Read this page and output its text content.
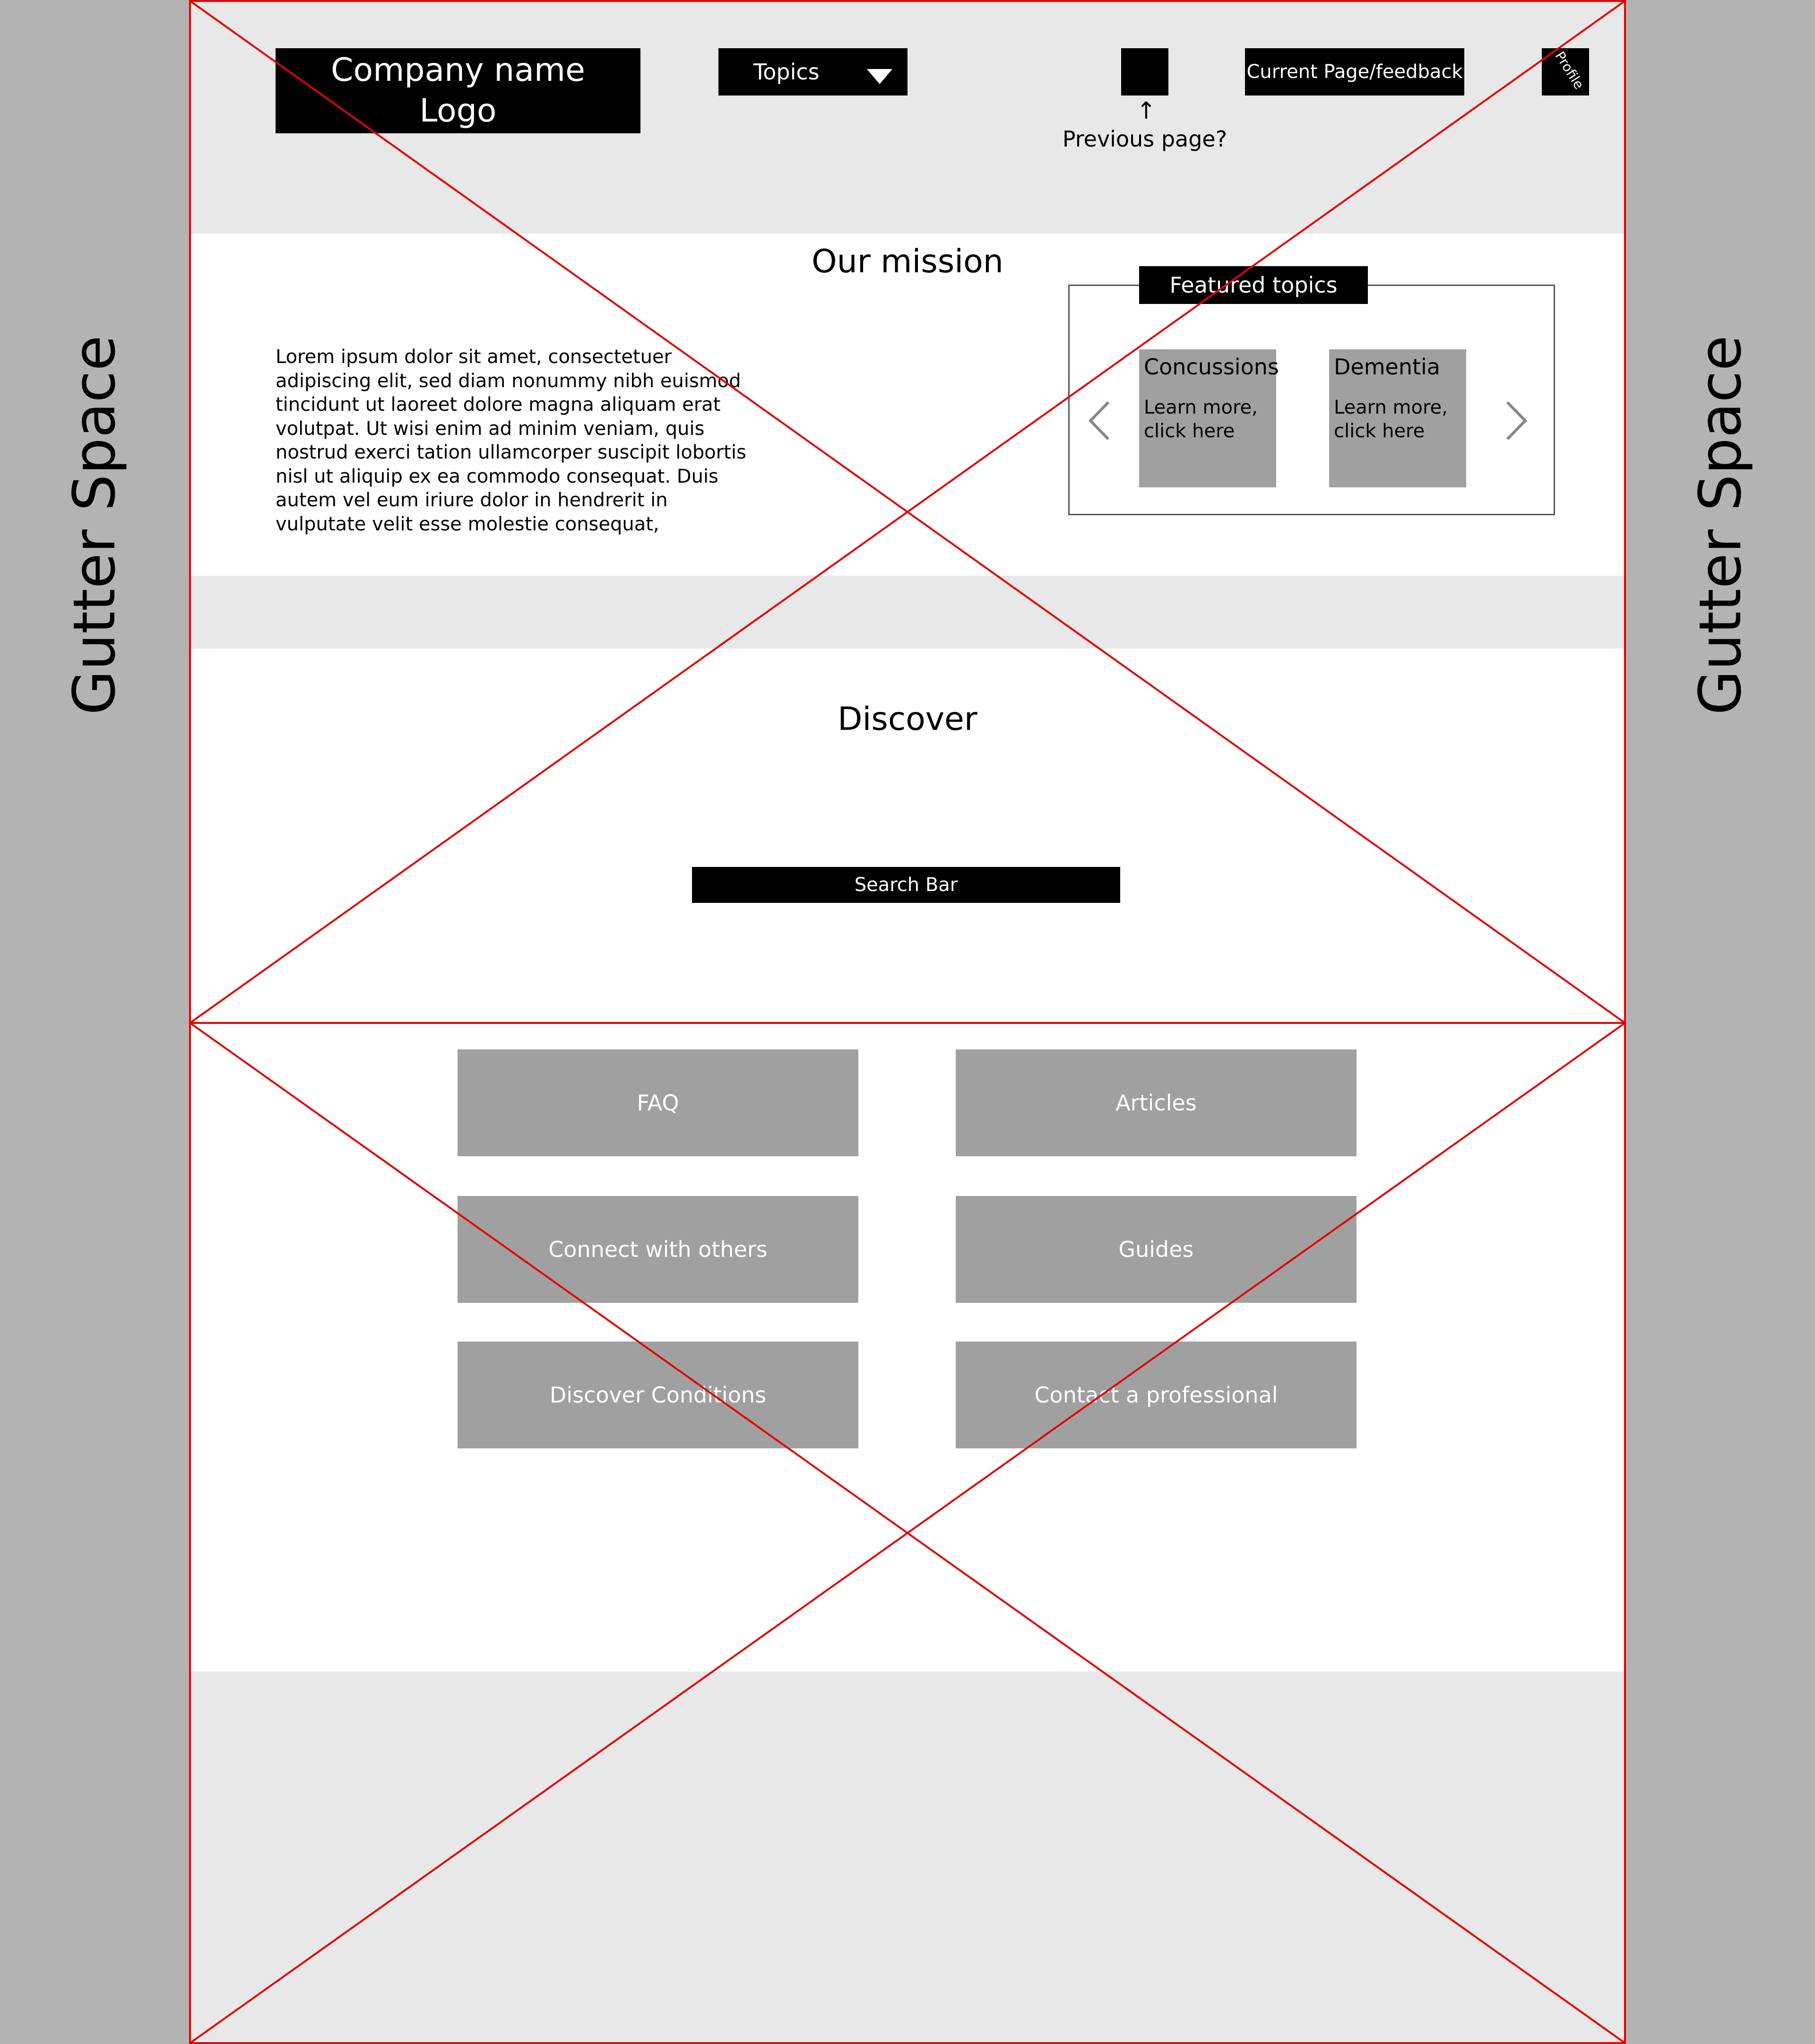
Gutter Space	Gutter Space
Company name
Logo
Topics
↑
Previous page?
Current Page/feedback	Profile
Our mission
Lorem ipsum dolor sit amet, consectetuer adipiscing elit, sed diam nonummy nibh euismod tincidunt ut laoreet dolore magna aliquam erat volutpat. Ut wisi enim ad minim veniam, quis nostrud exerci tation ullamcorper suscipit lobortis nisl ut aliquip ex ea commodo consequat. Duis autem vel eum iriure dolor in hendrerit in vulputate velit esse molestie consequat,
Featured topics
Concussions
Learn more, click here
Dementia
Learn more, click here
Discover
Search Bar
FAQ	Articles
Connect with others	Guides
Discover Conditions	Contact a professional
